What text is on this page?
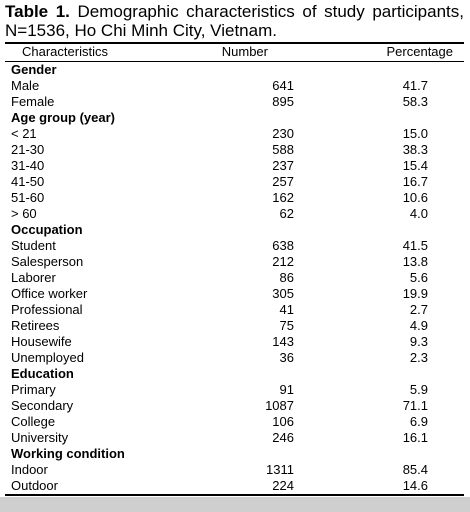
Table 1. Demographic characteristics of study participants, N=1536, Ho Chi Minh City, Vietnam.
Characteristics	Number	Percentage
Gender
Male	641	41.7
Female	895	58.3
Age group (year)
< 21	230	15.0
21-30	588	38.3
31-40	237	15.4
41-50	257	16.7
51-60	162	10.6
> 60	62	4.0
Occupation
Student	638	41.5
Salesperson	212	13.8
Laborer	86	5.6
Office worker	305	19.9
Professional	41	2.7
Retirees	75	4.9
Housewife	143	9.3
Unemployed	36	2.3
Education
Primary	91	5.9
Secondary	1087	71.1
College	106	6.9
University	246	16.1
Working condition
Indoor	1311	85.4
Outdoor	224	14.6
